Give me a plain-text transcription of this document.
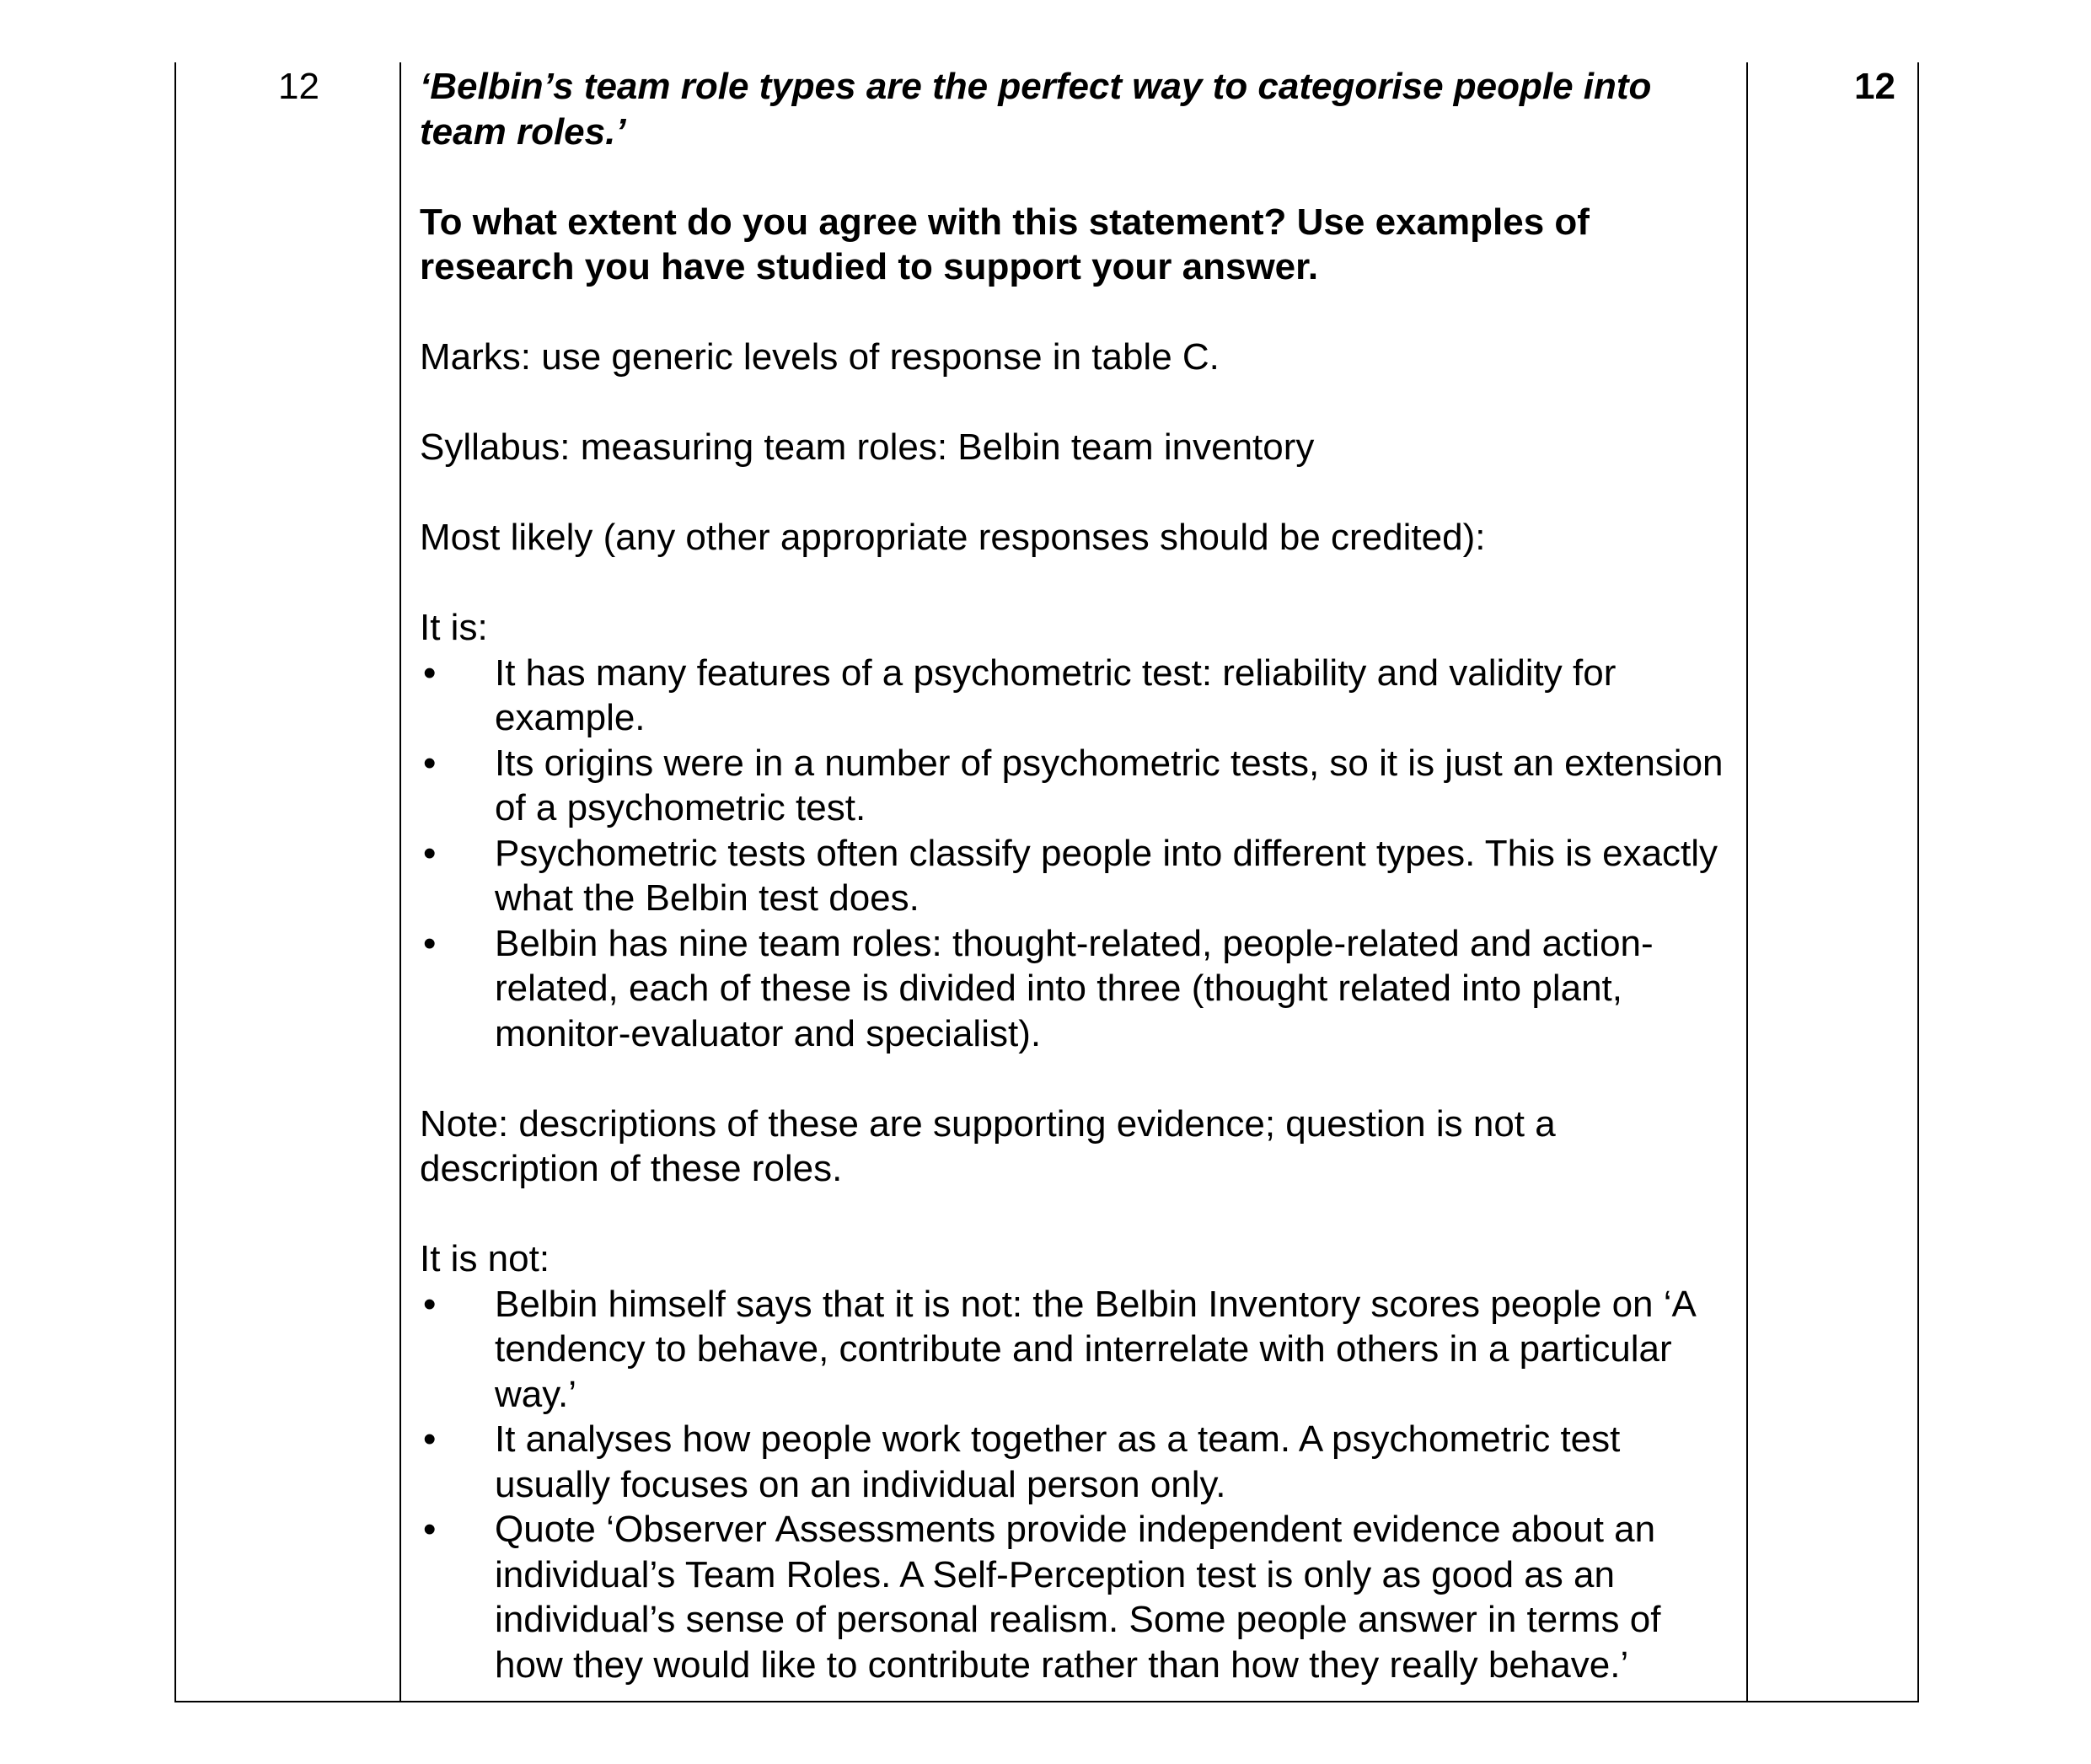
12	‘Belbin’s team role types are the perfect way to categorise people into team roles.’

To what extent do you agree with this statement? Use examples of research you have studied to support your answer.

Marks: use generic levels of response in table C.

Syllabus: measuring team roles: Belbin team inventory

Most likely (any other appropriate responses should be credited):

It is:

• It has many features of a psychometric test: reliability and validity for example.
• Its origins were in a number of psychometric tests, so it is just an extension of a psychometric test.
• Psychometric tests often classify people into different types. This is exactly what the Belbin test does.
• Belbin has nine team roles: thought-related, people-related and action-related, each of these is divided into three (thought related into plant, monitor-evaluator and specialist).

Note: descriptions of these are supporting evidence; question is not a description of these roles.

It is not:

• Belbin himself says that it is not: the Belbin Inventory scores people on ‘A tendency to behave, contribute and interrelate with others in a particular way.’
• It analyses how people work together as a team. A psychometric test usually focuses on an individual person only.
• Quote ‘Observer Assessments provide independent evidence about an individual’s Team Roles. A Self-Perception test is only as good as an individual’s sense of personal realism. Some people answer in terms of how they would like to contribute rather than how they really behave.’
12
